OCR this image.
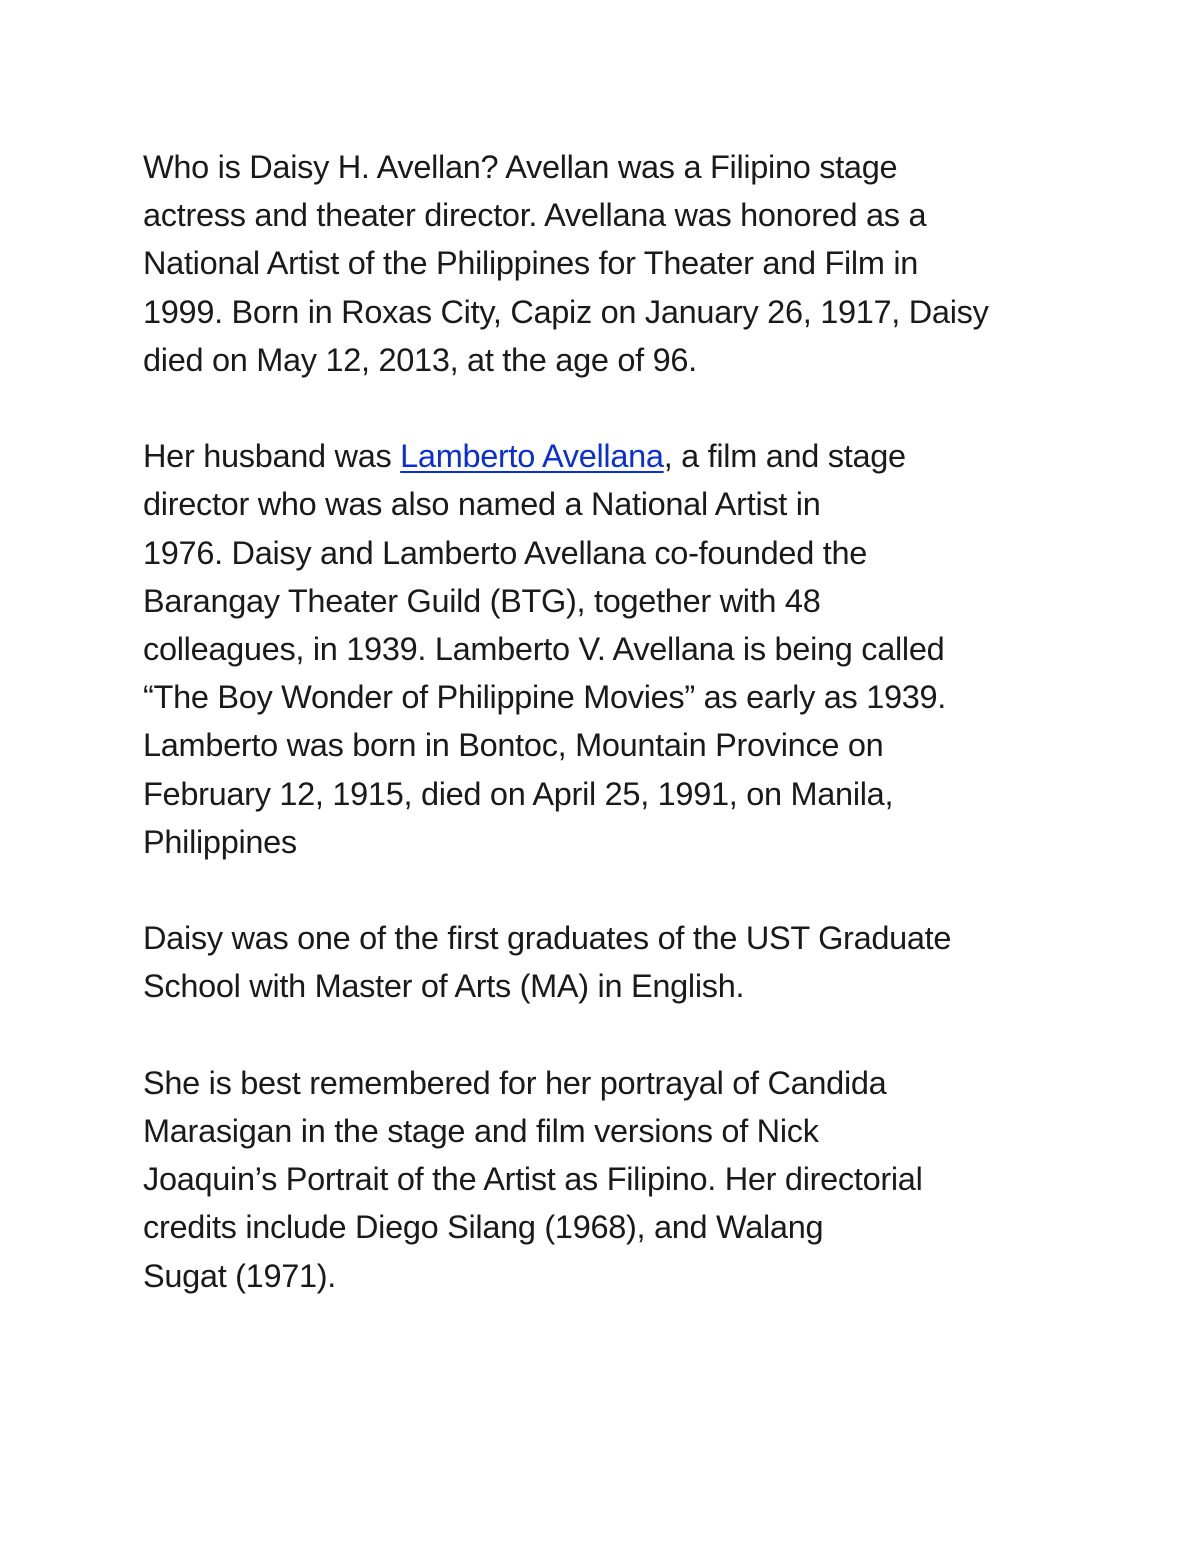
Who is Daisy H. Avellan? Avellan was a Filipino stage
actress and theater director. Avellana was honored as a
National Artist of the Philippines for Theater and Film in
1999. Born in Roxas City, Capiz on January 26, 1917, Daisy
died on May 12, 2013, at the age of 96.

Her husband was Lamberto Avellana, a film and stage
director who was also named a National Artist in
1976. Daisy and Lamberto Avellana co-founded the
Barangay Theater Guild (BTG), together with 48
colleagues, in 1939. Lamberto V. Avellana is being called
“The Boy Wonder of Philippine Movies” as early as 1939.
Lamberto was born in Bontoc, Mountain Province on
February 12, 1915, died on April 25, 1991, on Manila,
Philippines

Daisy was one of the first graduates of the UST Graduate
School with Master of Arts (MA) in English.

She is best remembered for her portrayal of Candida
Marasigan in the stage and film versions of Nick
Joaquin’s Portrait of the Artist as Filipino. Her directorial
credits include Diego Silang (1968), and Walang
Sugat (1971).
